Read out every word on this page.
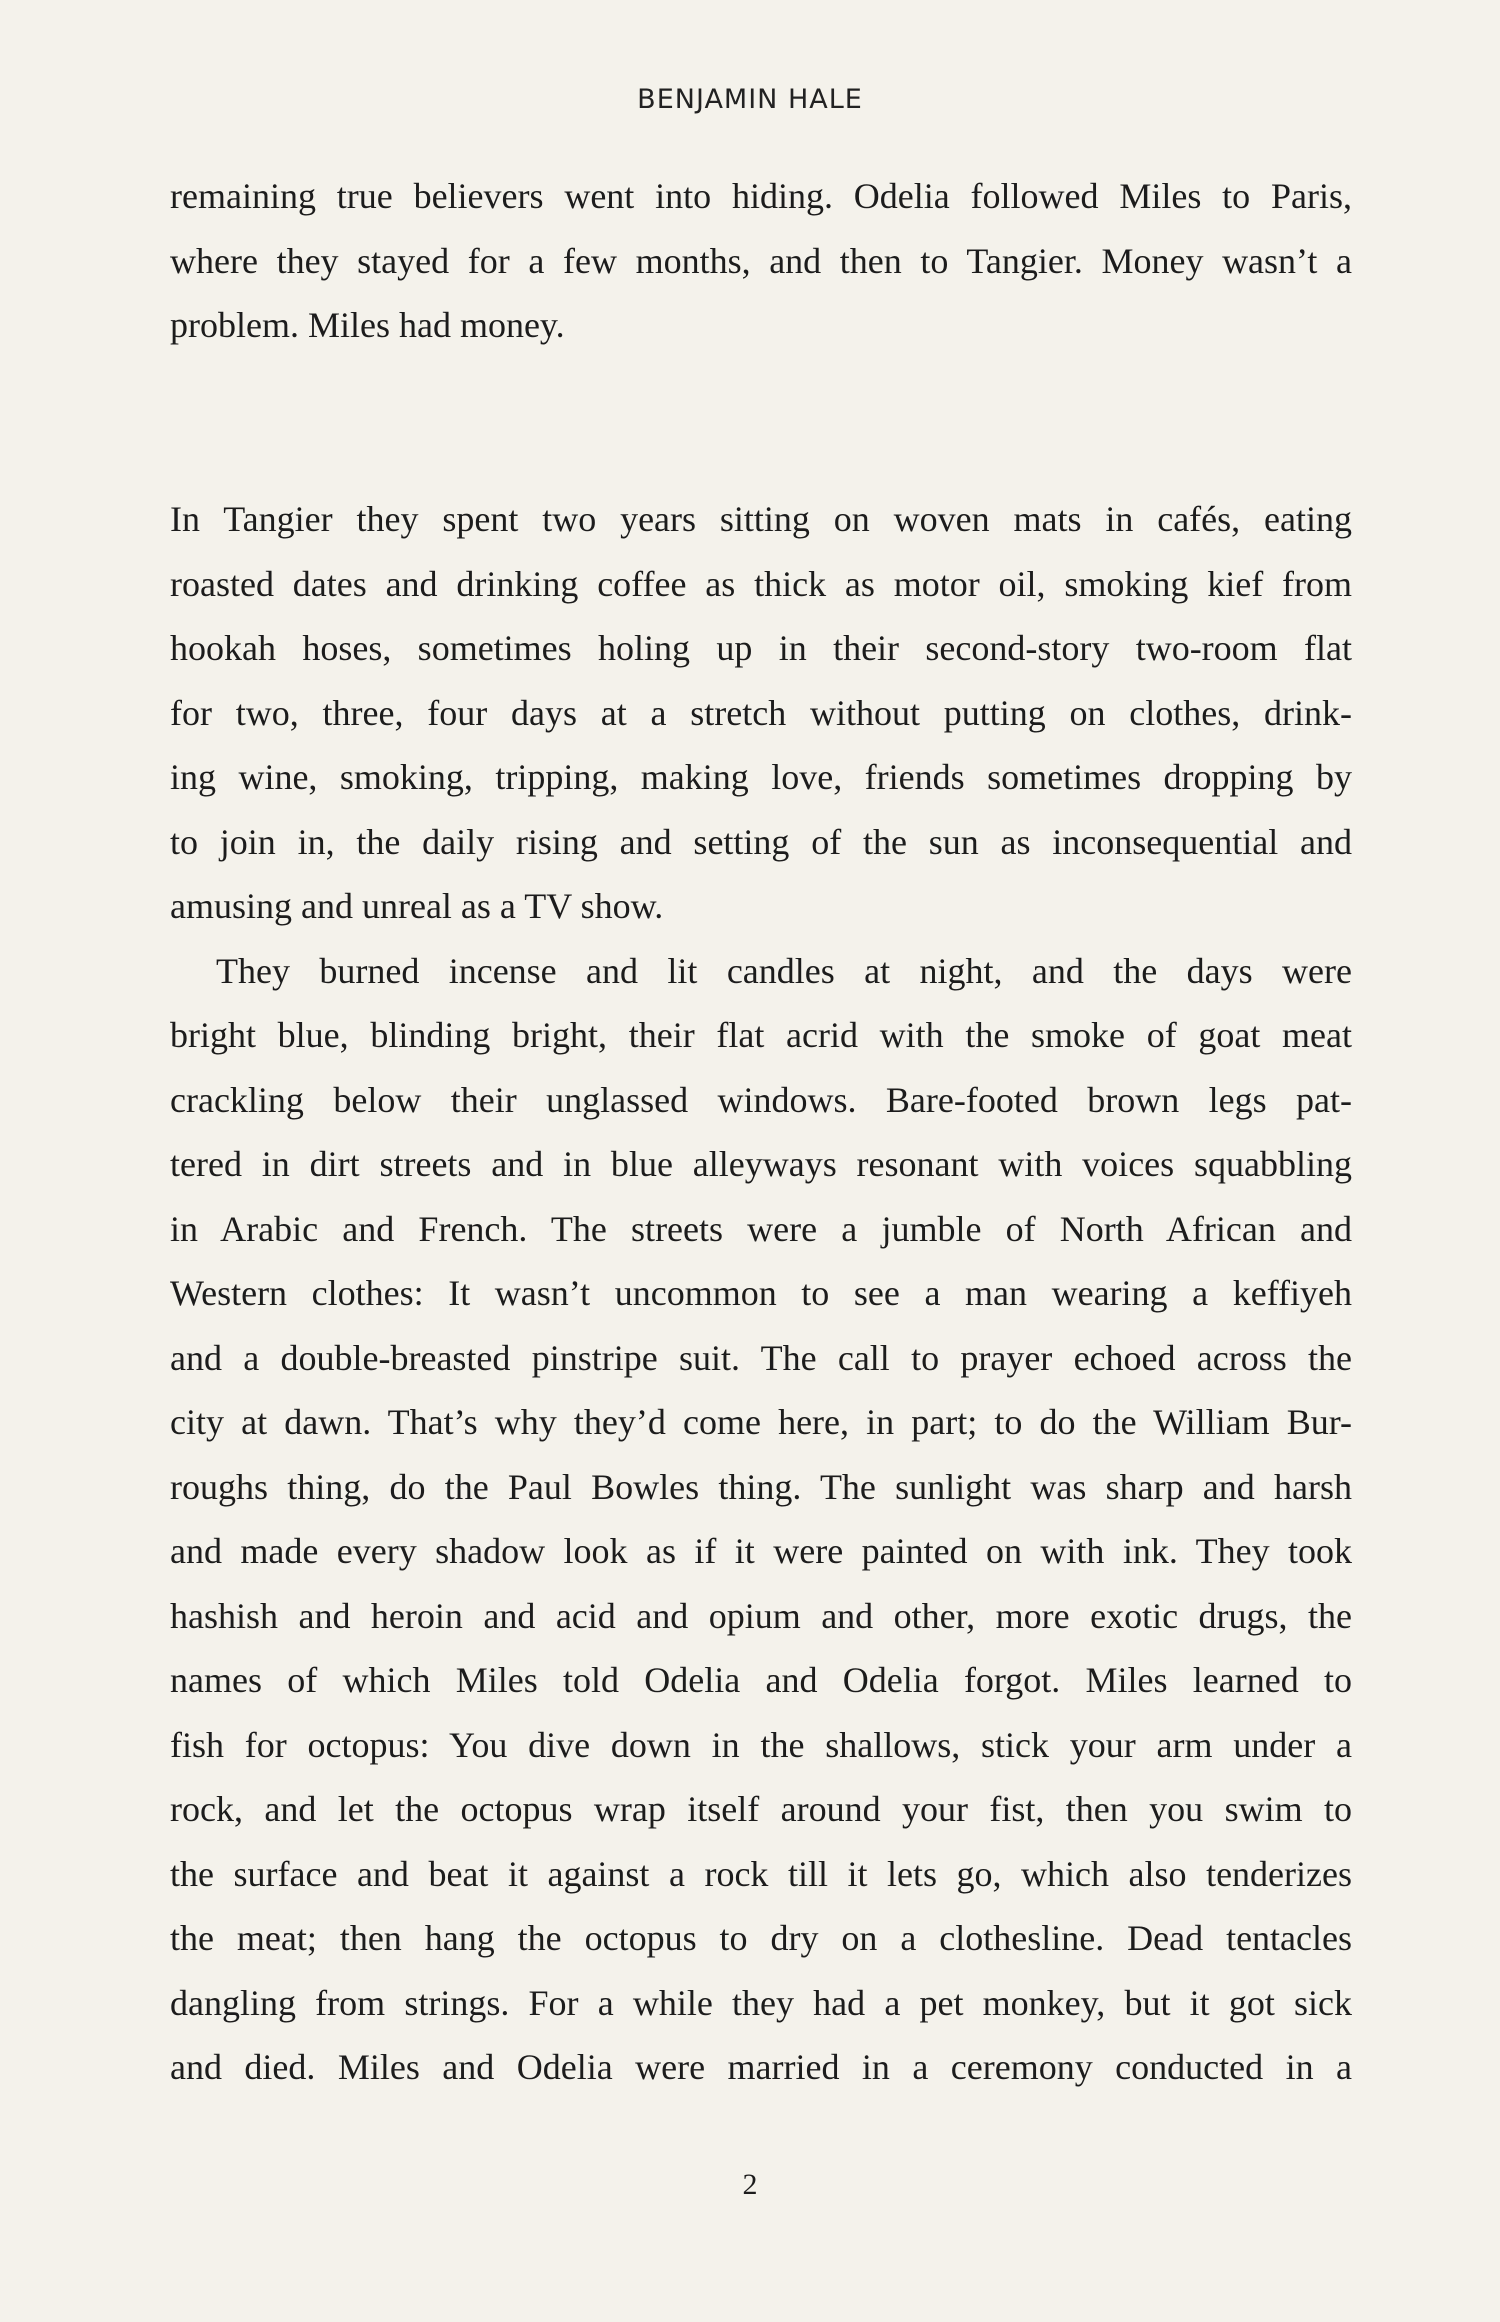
BENJAMIN HALE
remaining true believers went into hiding. Odelia followed Miles to Paris,
where they stayed for a few months, and then to Tangier. Money wasn’t a
problem. Miles had money.
In Tangier they spent two years sitting on woven mats in cafés, eating
roasted dates and drinking coffee as thick as motor oil, smoking kief from
hookah hoses, sometimes holing up in their second-story two-room flat
for two, three, four days at a stretch without putting on clothes, drink-
ing wine, smoking, tripping, making love, friends sometimes dropping by
to join in, the daily rising and setting of the sun as inconsequential and
amusing and unreal as a TV show.
They burned incense and lit candles at night, and the days were
bright blue, blinding bright, their flat acrid with the smoke of goat meat
crackling below their unglassed windows. Bare-footed brown legs pat-
tered in dirt streets and in blue alleyways resonant with voices squabbling
in Arabic and French. The streets were a jumble of North African and
Western clothes: It wasn’t uncommon to see a man wearing a keffiyeh
and a double-breasted pinstripe suit. The call to prayer echoed across the
city at dawn. That’s why they’d come here, in part; to do the William Bur-
roughs thing, do the Paul Bowles thing. The sunlight was sharp and harsh
and made every shadow look as if it were painted on with ink. They took
hashish and heroin and acid and opium and other, more exotic drugs, the
names of which Miles told Odelia and Odelia forgot. Miles learned to
fish for octopus: You dive down in the shallows, stick your arm under a
rock, and let the octopus wrap itself around your fist, then you swim to
the surface and beat it against a rock till it lets go, which also tenderizes
the meat; then hang the octopus to dry on a clothesline. Dead tentacles
dangling from strings. For a while they had a pet monkey, but it got sick
and died. Miles and Odelia were married in a ceremony conducted in a
2
